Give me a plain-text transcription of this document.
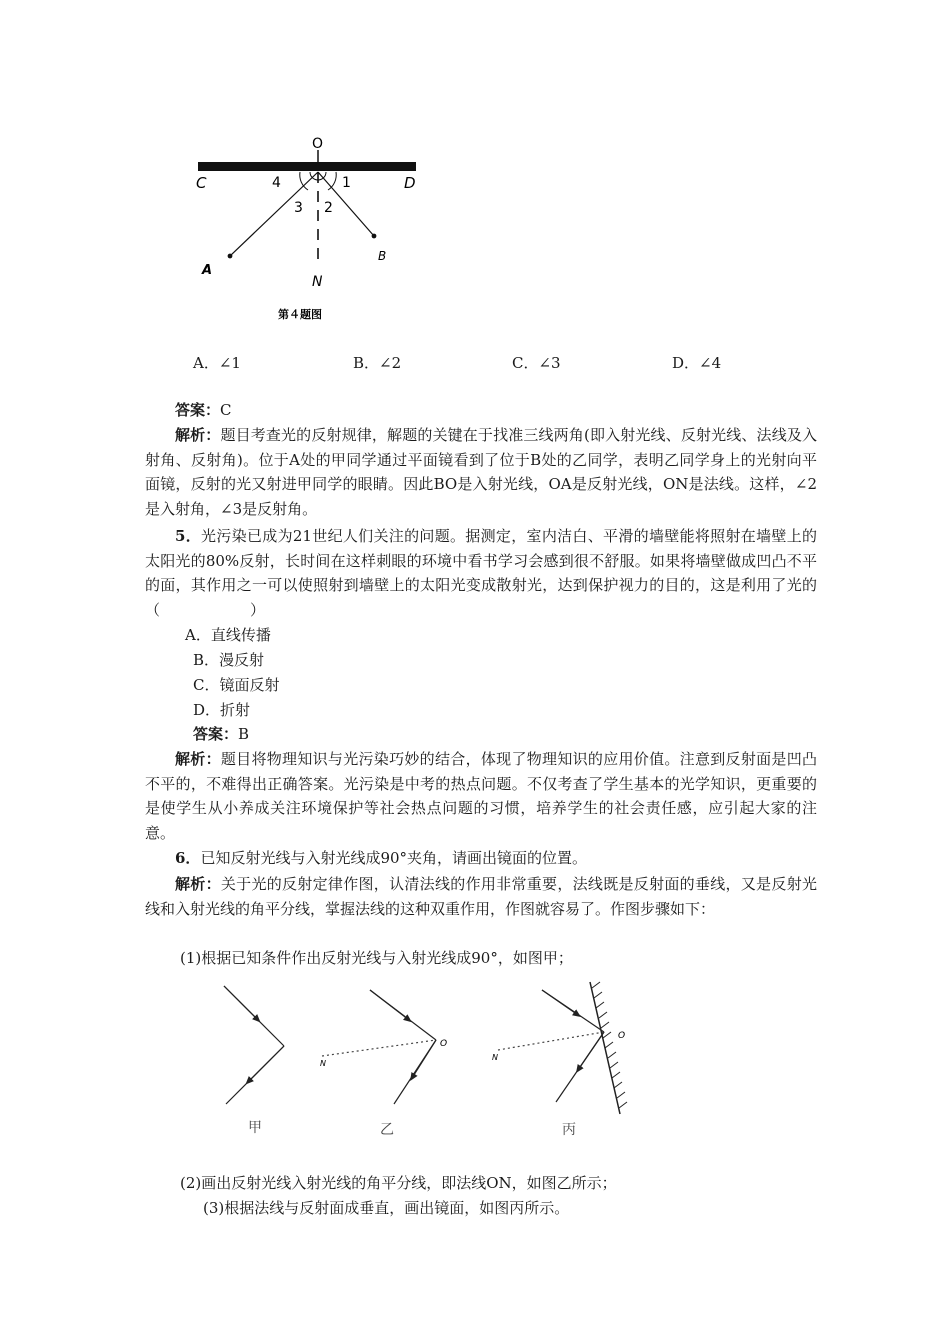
O
C	D
4	1
3 2
A
B
N
第４题图
A．∠1	B．∠2	C．∠3	D．∠4
答案：C
解析：题目考查光的反射规律，解题的关键在于找准三线两角(即入射光线、反射光线、法线及入射角、反射角)。位于A处的甲同学通过平面镜看到了位于B处的乙同学，表明乙同学身上的光射向平面镜，反射的光又射进甲同学的眼睛。因此BO是入射光线，OA是反射光线，ON是法线。这样，∠2是入射角，∠3是反射角。
5．光污染已成为21世纪人们关注的问题。据测定，室内洁白、平滑的墙壁能将照射在墙壁上的太阳光的80%反射，长时间在这样刺眼的环境中看书学习会感到很不舒服。如果将墙壁做成凹凸不平的面，其作用之一可以使照射到墙壁上的太阳光变成散射光，达到保护视力的目的，这是利用了光的（　　　　　　）
A．直线传播
B．漫反射
C．镜面反射
D．折射
答案：B
解析：题目将物理知识与光污染巧妙的结合，体现了物理知识的应用价值。注意到反射面是凹凸不平的，不难得出正确答案。光污染是中考的热点问题。不仅考查了学生基本的光学知识，更重要的是使学生从小养成关注环境保护等社会热点问题的习惯，培养学生的社会责任感，应引起大家的注意。
6．已知反射光线与入射光线成90°夹角，请画出镜面的位置。
解析：关于光的反射定律作图，认清法线的作用非常重要，法线既是反射面的垂线，又是反射光线和入射光线的角平分线，掌握法线的这种双重作用，作图就容易了。作图步骤如下：
(1)根据已知条件作出反射光线与入射光线成90°，如图甲；
甲
O
N
乙
O
N
丙
(2)画出反射光线入射光线的角平分线，即法线ON，如图乙所示；
(3)根据法线与反射面成垂直，画出镜面，如图丙所示。
